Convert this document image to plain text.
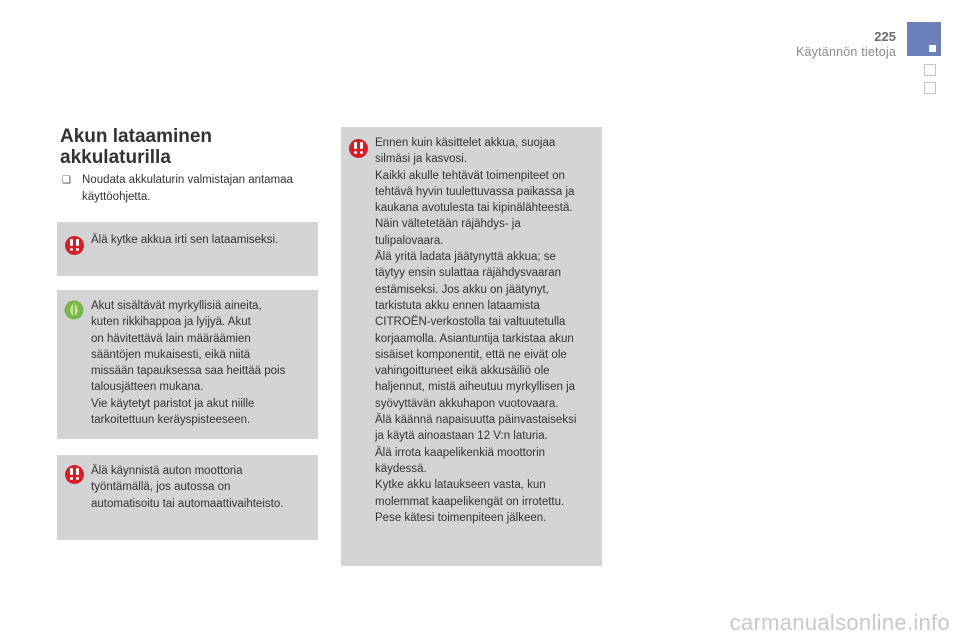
225
Käytännön tietoja
Akun lataaminen akkulaturilla
❑ Noudata akkulaturin valmistajan antamaa käyttöohjetta.
Älä kytke akkua irti sen lataamiseksi.
Akut sisältävät myrkyllisiä aineita,
kuten rikkihappoa ja lyijyä. Akut
on hävitettävä lain määräämien
sääntöjen mukaisesti, eikä niitä
missään tapauksessa saa heittää pois
talousjätteen mukana.
Vie käytetyt paristot ja akut niille
tarkoitettuun keräyspisteeseen.
Älä käynnistä auton moottoria
työntämällä, jos autossa on
automatisoitu tai automaattivaihteisto.
Ennen kuin käsittelet akkua, suojaa
silmäsi ja kasvosi.
Kaikki akulle tehtävät toimenpiteet on
tehtävä hyvin tuulettuvassa paikassa ja
kaukana avotulesta tai kipinälähteestä.
Näin vältetetään räjähdys- ja
tulipalovaara.
Älä yritä ladata jäätynyttä akkua; se
täytyy ensin sulattaa räjähdysvaaran
estämiseksi. Jos akku on jäätynyt,
tarkistuta akku ennen lataamista
CITROËN-verkostolla tai valtuutetulla
korjaamolla. Asiantuntija tarkistaa akun
sisäiset komponentit, että ne eivät ole
vahingoittuneet eikä akkusäiliö ole
haljennut, mistä aiheutuu myrkyllisen ja
syövyttävän akkuhapon vuotovaara.
Älä käännä napaisuutta päinvastaiseksi
ja käytä ainoastaan 12 V:n laturia.
Älä irrota kaapelikenkiä moottorin
käydessä.
Kytke akku lataukseen vasta, kun
molemmat kaapelikengät on irrotettu.
Pese kätesi toimenpiteen jälkeen.
carmanualsonline.info
